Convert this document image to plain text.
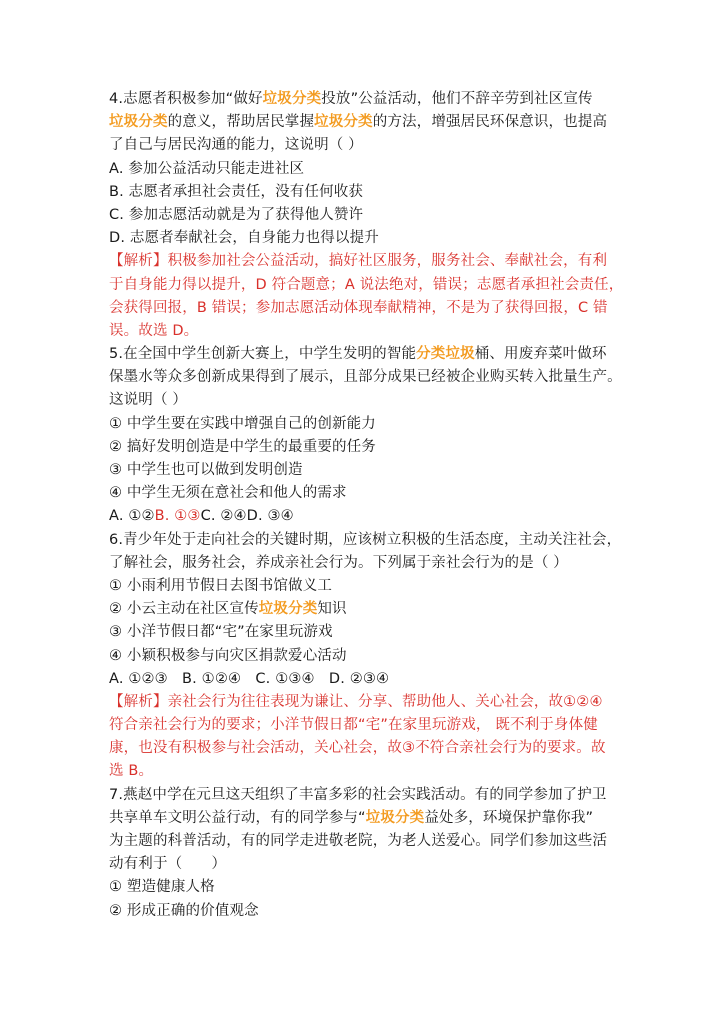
4.志愿者积极参加“做好垃圾分类投放”公益活动，他们不辞辛劳到社区宣传
垃圾分类的意义，帮助居民掌握垃圾分类的方法，增强居民环保意识，也提高
了自己与居民沟通的能力，这说明（ ）
A. 参加公益活动只能走进社区
B. 志愿者承担社会责任，没有任何收获
C. 参加志愿活动就是为了获得他人赞许
D. 志愿者奉献社会，自身能力也得以提升
【解析】积极参加社会公益活动，搞好社区服务，服务社会、奉献社会，有利
于自身能力得以提升，D 符合题意；A 说法绝对，错误；志愿者承担社会责任，
会获得回报，B 错误；参加志愿活动体现奉献精神，不是为了获得回报，C 错
误。故选 D。
5.在全国中学生创新大赛上，中学生发明的智能分类垃圾桶、用废弃菜叶做环
保墨水等众多创新成果得到了展示，且部分成果已经被企业购买转入批量生产。
这说明（ ）
① 中学生要在实践中增强自己的创新能力
② 搞好发明创造是中学生的最重要的任务
③ 中学生也可以做到发明创造
④ 中学生无须在意社会和他人的需求
A. ①②B. ①③C. ②④D. ③④
6.青少年处于走向社会的关键时期，应该树立积极的生活态度，主动关注社会，
了解社会，服务社会，养成亲社会行为。下列属于亲社会行为的是（ ）
① 小雨利用节假日去图书馆做义工
② 小云主动在社区宣传垃圾分类知识
③ 小洋节假日都“宅”在家里玩游戏
④ 小颖积极参与向灾区捐款爱心活动
A. ①②③   B. ①②④   C. ①③④   D. ②③④
【解析】亲社会行为往往表现为谦让、分享、帮助他人、关心社会，故①②④
符合亲社会行为的要求；小洋节假日都“宅”在家里玩游戏， 既不利于身体健
康，也没有积极参与社会活动，关心社会，故③不符合亲社会行为的要求。故
选 B。
7.燕赵中学在元旦这天组织了丰富多彩的社会实践活动。有的同学参加了护卫
共享单车文明公益行动，有的同学参与“垃圾分类益处多，环境保护靠你我”
为主题的科普活动，有的同学走进敬老院，为老人送爱心。同学们参加这些活
动有利于（　　）
① 塑造健康人格
② 形成正确的价值观念
